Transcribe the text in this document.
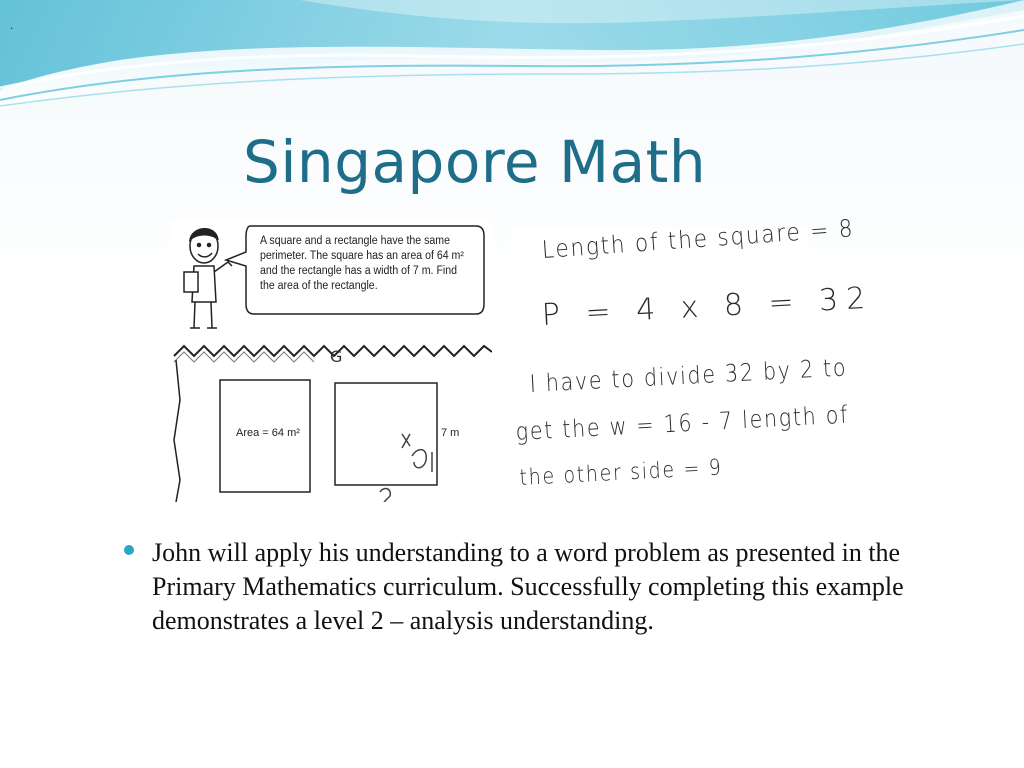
.
Singapore Math
G
A square and a rectangle have the same
perimeter. The square has an area of 64 m²
and the rectangle has a width of 7 m. Find
the area of the rectangle.
Area = 64 m²	7 m
Length of the square = 8
P = 4 x 8 = 32
I have to divide 32 by 2 to
get the w = 16 - 7 length of
the other side = 9
John will apply his understanding to a word problem as presented in the Primary Mathematics curriculum. Successfully completing this example demonstrates a level 2 – analysis understanding.
